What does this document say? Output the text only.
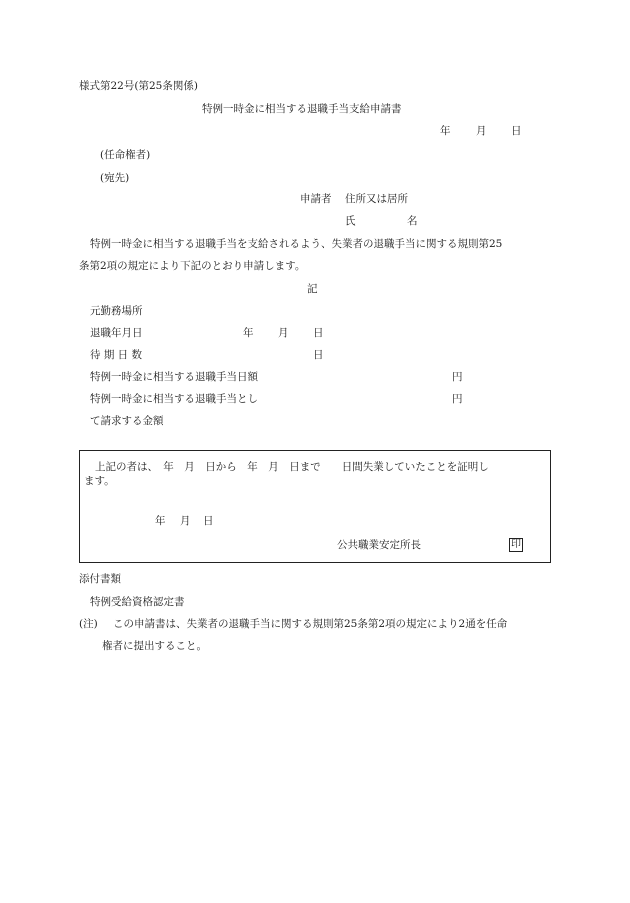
様式第22号(第25条関係)
特例一時金に相当する退職手当支給申請書
年 月 日
(任命権者)
(宛先)
申請者 住所又は居所
氏	名
特例一時金に相当する退職手当を支給されるよう、失業者の退職手当に関する規則第25
条第2項の規定により下記のとおり申請します。
記
元勤務場所
退職年月日	年 月 日
待 期 日 数	日
特例一時金に相当する退職手当日額	円
特例一時金に相当する退職手当とし	円
て請求する金額
上記の者は、　年　月　日から　年　月　日まで　　日間失業していたことを証明し
ます。
年 月 日
公共職業安定所長	印
添付書類
特例受給資格認定書
(注) この申請書は、失業者の退職手当に関する規則第25条第2項の規定により2通を任命
権者に提出すること。
